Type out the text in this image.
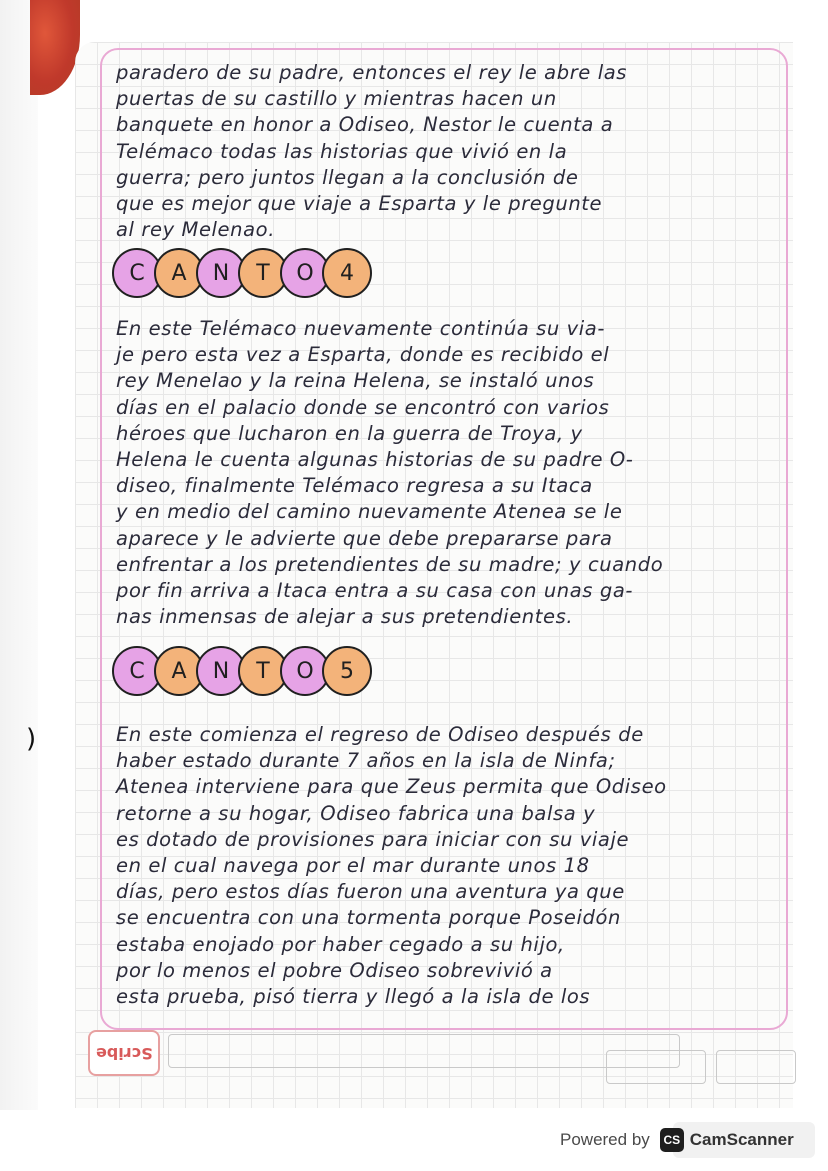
)
paradero de su padre, entonces el rey le abre las
puertas de su castillo y mientras hacen un
banquete en honor a Odiseo, Nestor le cuenta a
Telémaco todas las historias que vivió en la
guerra; pero juntos llegan a la conclusión de
que es mejor que viaje a Esparta y le pregunte
al rey Melenao.
C	A	N	T	O	4
En este Telémaco nuevamente continúa su via-
je pero esta vez a Esparta, donde es recibido el
rey Menelao y la reina Helena, se instaló unos
días en el palacio donde se encontró con varios
héroes que lucharon en la guerra de Troya, y
Helena le cuenta algunas historias de su padre O-
diseo, finalmente Telémaco regresa a su Itaca
y en medio del camino nuevamente Atenea se le
aparece y le advierte que debe prepararse para
enfrentar a los pretendientes de su madre; y cuando
por fin arriva a Itaca entra a su casa con unas ga-
nas inmensas de alejar a sus pretendientes.
C	A	N	T	O	5
En este comienza el regreso de Odiseo después de
haber estado durante 7 años en la isla de Ninfa;
Atenea interviene para que Zeus permita que Odiseo
retorne a su hogar, Odiseo fabrica una balsa y
es dotado de provisiones para iniciar con su viaje
en el cual navega por el mar durante unos 18
días, pero estos días fueron una aventura ya que
se encuentra con una tormenta porque Poseidón
estaba enojado por haber cegado a su hijo,
por lo menos el pobre Odiseo sobrevivió a
esta prueba, pisó tierra y llegó a la isla de los
Scribe
Powered by	CS CamScanner
